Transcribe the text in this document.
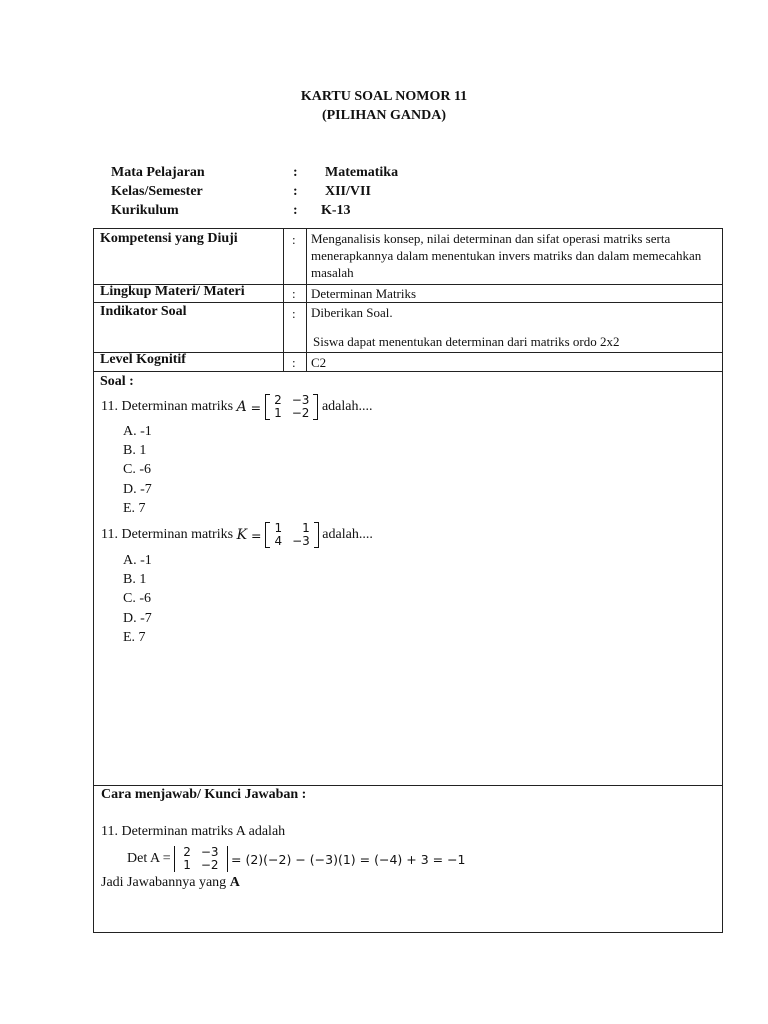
KARTU SOAL NOMOR 11
(PILIHAN GANDA)
Mata Pelajaran	: Matematika
Kelas/Semester	: XII/VII
Kurikulum	: K-13
Kompetensi yang Diuji	: Menganalisis konsep, nilai determinan dan sifat operasi matriks serta menerapkannya dalam menentukan invers matriks dan dalam memecahkan masalah
Lingkup Materi/ Materi	: Determinan Matriks
Indikator Soal	: Diberikan Soal.
Siswa dapat menentukan determinan dari matriks ordo 2x2
Level Kognitif	: C2
Soal :
11. Determinan matriks
A = 2	−3
1	−2
adalah....
A. -1
B. 1
C. -6
D. -7
E. 7
11. Determinan matriks
K = 1	1
4	−3
adalah....
A. -1
B. 1
C. -6
D. -7
E. 7
Cara menjawab/ Kunci Jawaban :
11. Determinan matriks A adalah
Det A = 2	−3
1	−2
= (2)(−2) − (−3)(1) = (−4) + 3 = −1
Jadi Jawabannya yang A
